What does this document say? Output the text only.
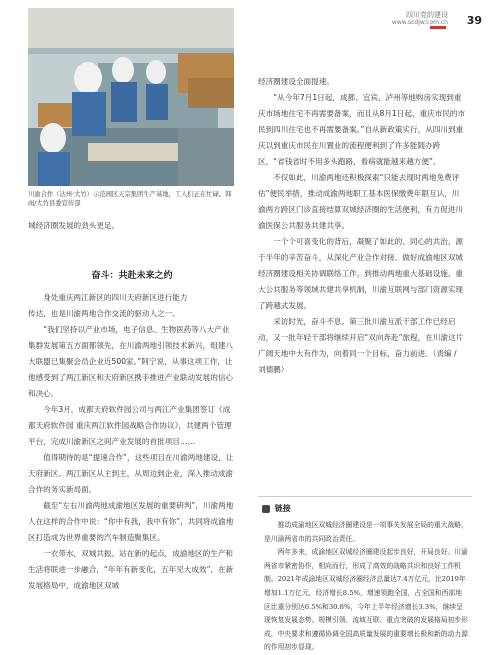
四川党的建设
www.scdjw.com.cn 39
川渝合作（达州·大竹）示范园区天宗集团生产基地，工人们正在忙碌。韩雨/大竹县委宣传部

城经济圈发展的劲头更足。

奋斗：共赴未来之约

身处重庆两江新区的四川天府新区进行能力

传达，也是川渝两地合作交流的驱动人之一。

“我们坚持以产业市场，电子信息、生物医药等八大产业集群发展第五方面都领先，在川渝两地引领技术新兴，组建八大联盟已集聚会员企业近500家。”阿宁说，从事这项工作，让他感受到了两江新区和天府新区携手推进产业联动发展的信心和决心。

今年3月，成都天府软件园公司与两江产业集团签订《成都天府软件园 重庆两江软件园战略合作协议》，共建两个管理平台，完成川渝新区之间产业发展的首批项目……

值得期待的是“提速合作”，这些项目在川渝两地建设，让天府新区、两江新区从主到主，从周边到企业，深入推动成渝合作的务实新局面。

截至“左右川渝两地成渝地区发展的重要研判”，川渝两地人在这样的合作中说：“你中有我，我中有你”，共同将成渝地区打造成为世界重要的汽车制造聚集区。

一衣带水，双城共振。站在新的起点，成渝地区的生产和生活将联进一步融合，“年年有新变化，五年见大成效”，在新发展格局中，成渝地区双城

经济圈建设全面提速。

“从今年7月1日起，成都、宜宾、泸州等地购房实现到重庆市场地住宅不再需要备案，而且从8月1日起，重庆市民的市民到四川住宅也不再需要备案。”自从新政策实行，从四川到重庆以到重庆市民在川置业的流程便利到了许多能随办跨区，“省钱省时不用多头跑路，看病就能越来越方便”。

不仅如此，川渝两地还积极探索“只能去现时两地免费评估”便民举措，推动成渝两地职工基本医保缴费年限互认，川渝两方跨区门诊直接结算双城经济圈的生活便利，有力促进川渝医保公共服务共建共享。

一个个可喜变化的背后，凝聚了如此的、同心的共治，源于半年的辛苦奋斗，从深化产业合作对接、做好成渝地区双城经济圈建设相关协调联络工作，到推动两地重大基础设施、重大公共服务等领域共建共享机制，川渝互联网与部门资源实现了跨越式发展。

采访时光，奋斗不息。第三批川渝互派干部工作已经启动，又一批年轻干部将继续开启“双向奔赴”旅程，在川渝这片广阔天地中大有作为，向着同一个目标，奋力前进。（责编 / 刘德鹏）

链接

推动成渝地区双城经济圈建设是一项事关发展全局的重大战略，是川渝两省市的共同政治责任。

两年多来，成渝地区双城经济圈建设起步良好，开局良好。川渝两省市紧密协作，相向而行，形成了高效的战略共识和良好工作机制。2021年成渝地区双城经济圈经济总量达7.4万亿元，比2019年增加1.1万亿元，经济增长8.5%，增速领跑全国，占全国和西部地区比重分别达6.5%和30.8%，今年上半年经济增长3.3%，继续呈现恢复发展态势。规模引领、流域互联、重点突破的发展格局初步形成，中央要求和遵循协调全国高质量发展的重要增长极和新的动力源的作用初步显现。
